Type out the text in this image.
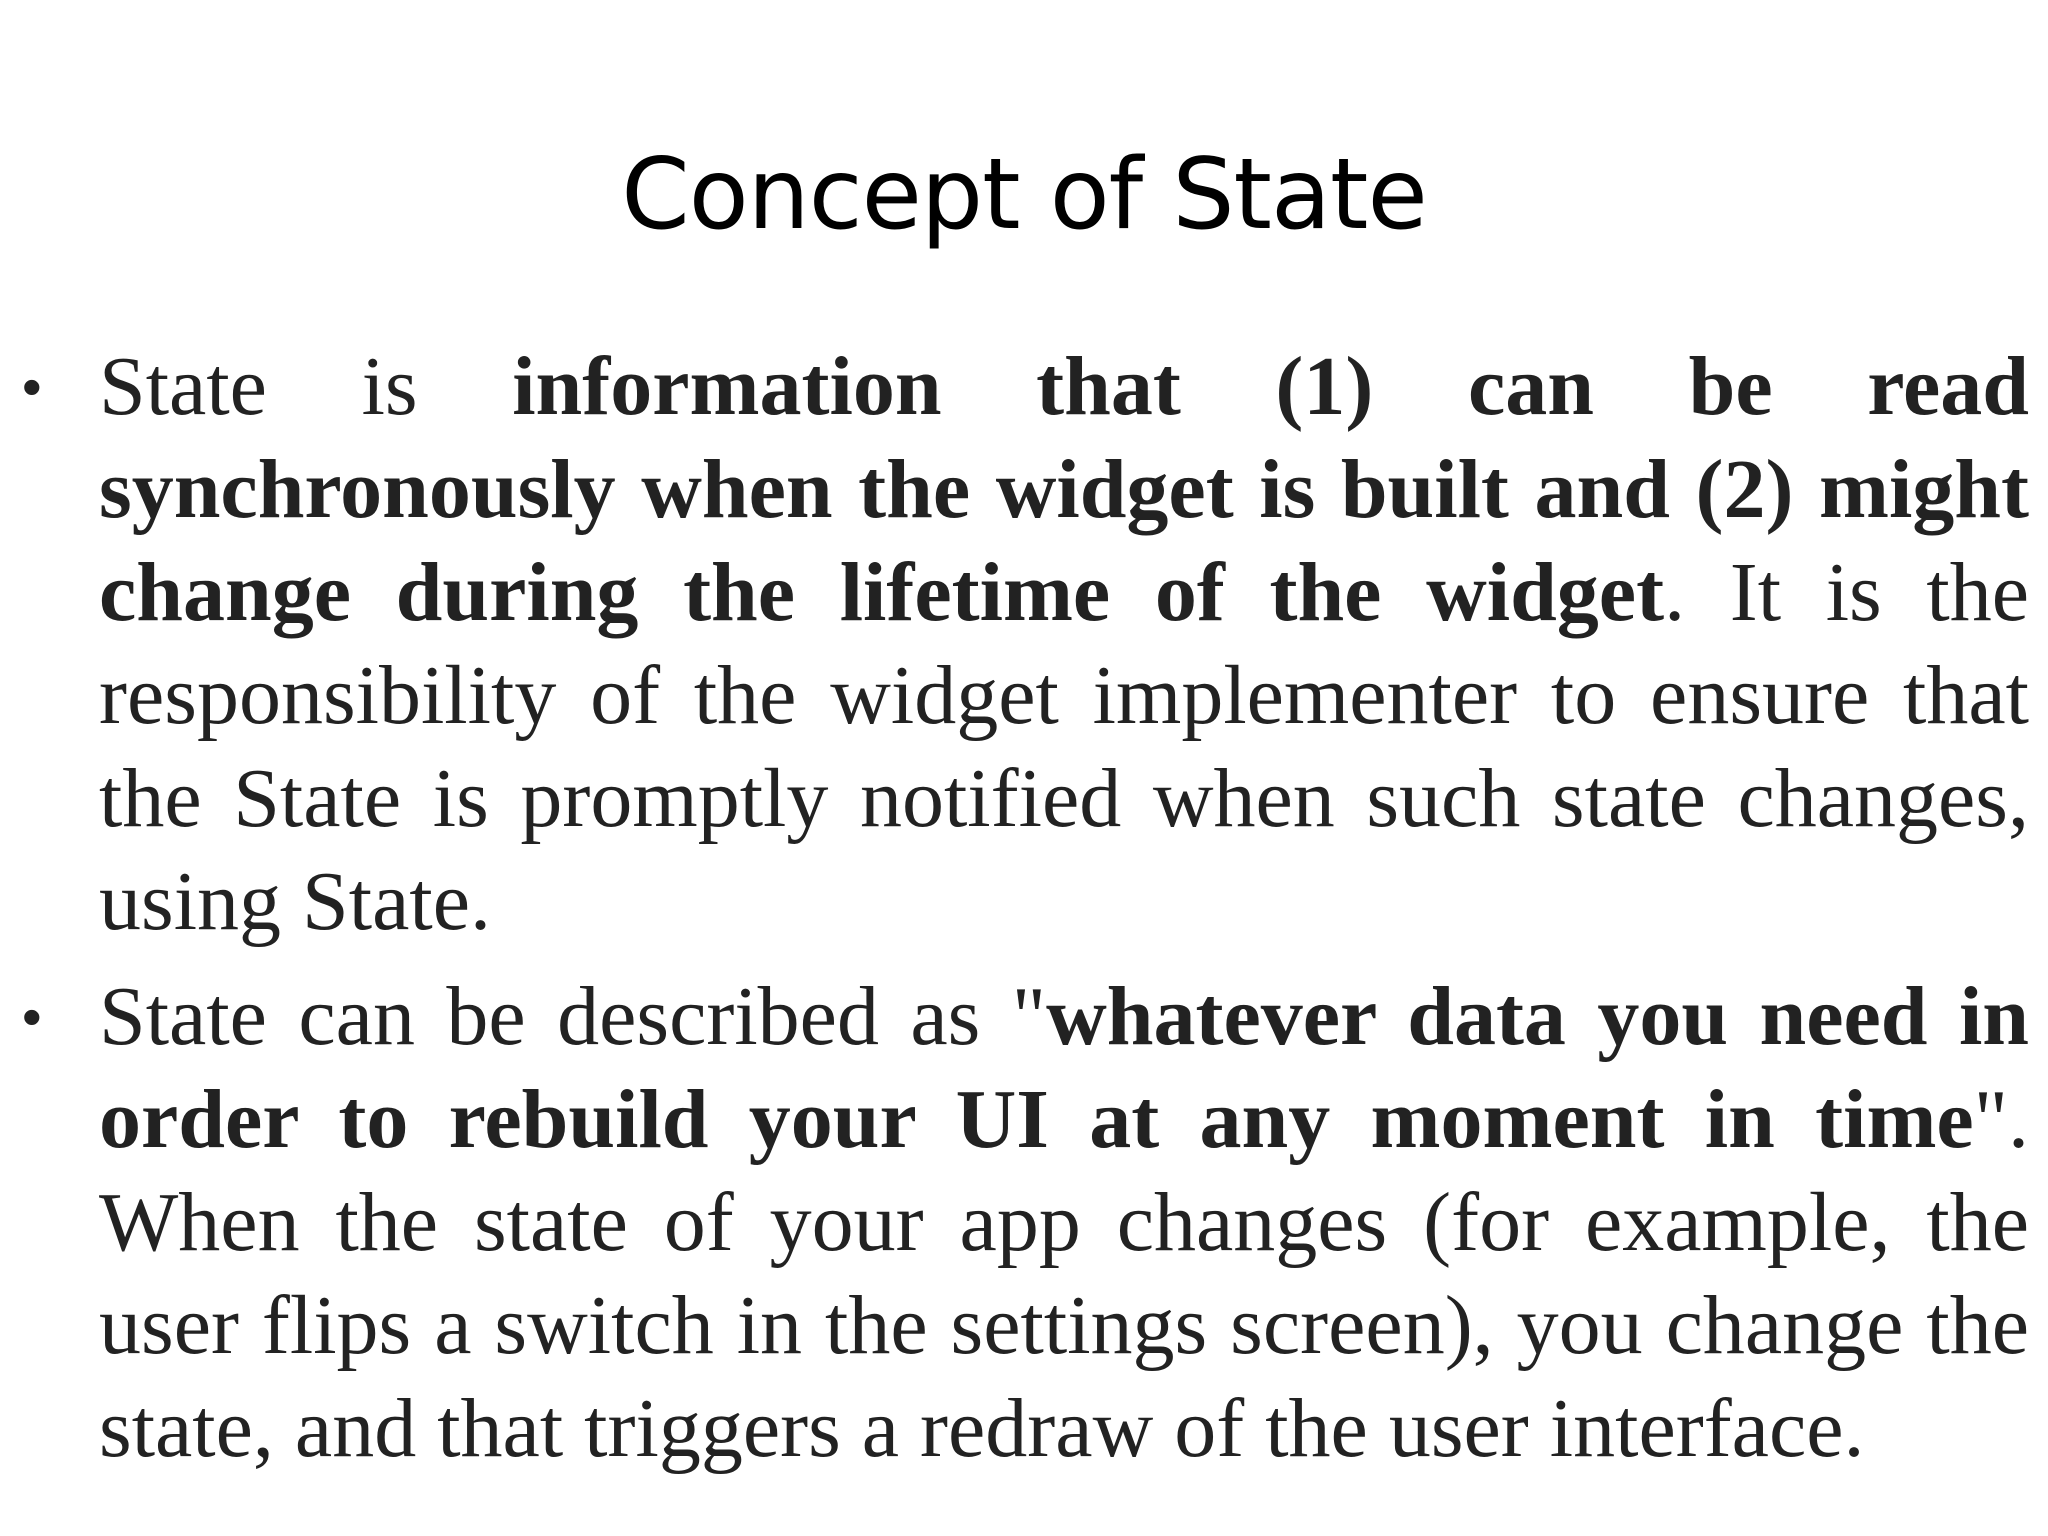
Concept of State
• State is information that (1) can be read synchronously when the widget is built and (2) might change during the lifetime of the widget. It is the responsibility of the widget implementer to ensure that the State is promptly notified when such state changes, using State.
• State can be described as "whatever data you need in order to rebuild your UI at any moment in time". When the state of your app changes (for example, the user flips a switch in the settings screen), you change the state, and that triggers a redraw of the user interface.
